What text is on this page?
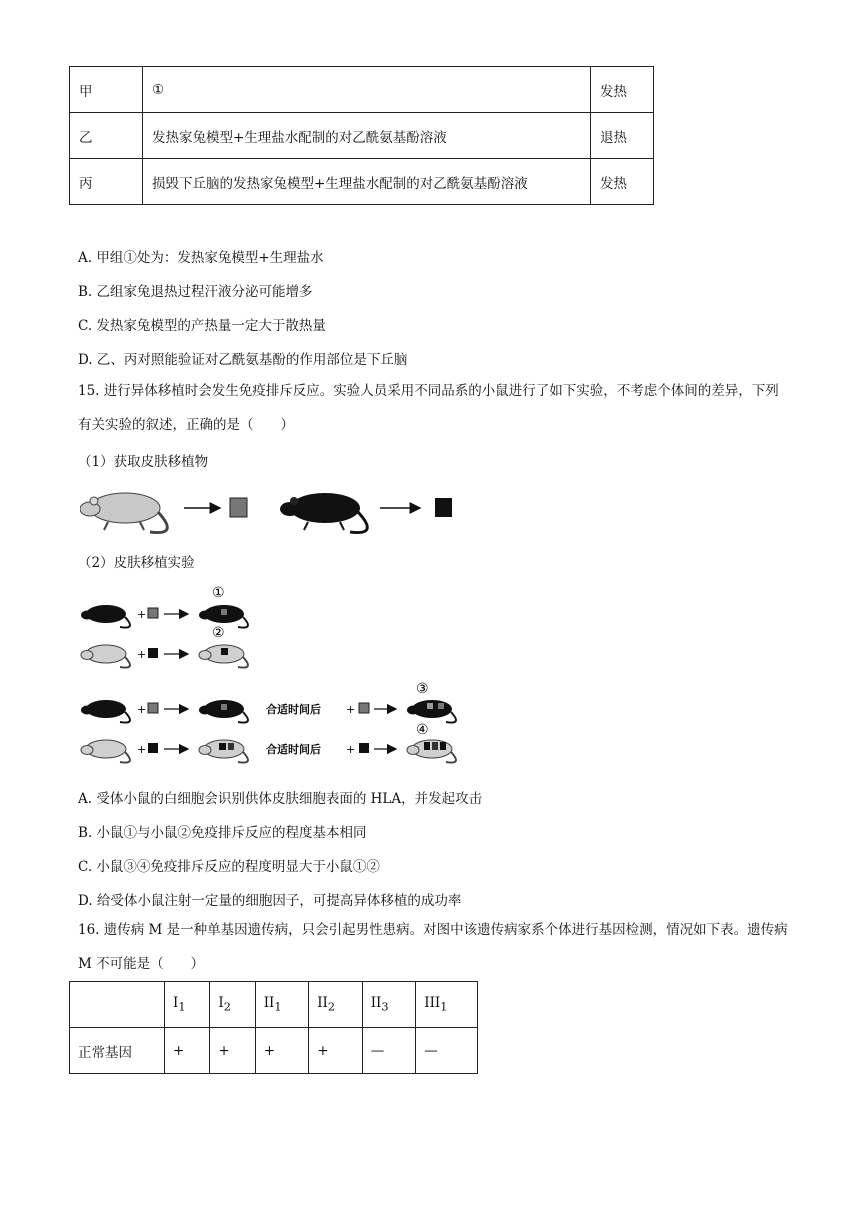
甲	①	发热
乙	发热家兔模型+生理盐水配制的对乙酰氨基酚溶液	退热
丙	损毁下丘脑的发热家兔模型+生理盐水配制的对乙酰氨基酚溶液	发热
A. 甲组①处为：发热家兔模型+生理盐水
B. 乙组家兔退热过程汗液分泌可能增多
C. 发热家兔模型的产热量一定大于散热量
D. 乙、丙对照能验证对乙酰氨基酚的作用部位是下丘脑
15. 进行异体移植时会发生免疫排斥反应。实验人员采用不同品系的小鼠进行了如下实验，不考虑个体间的差异，下列有关实验的叙述，正确的是（　　）
（1）获取皮肤移植物
（2）皮肤移植实验
+
①
+
②
+	合适时间后 +
③
+	合适时间后 +
④
A. 受体小鼠的白细胞会识别供体皮肤细胞表面的 HLA，并发起攻击
B. 小鼠①与小鼠②免疫排斥反应的程度基本相同
C. 小鼠③④免疫排斥反应的程度明显大于小鼠①②
D. 给受体小鼠注射一定量的细胞因子，可提高异体移植的成功率
16. 遗传病 M 是一种单基因遗传病，只会引起男性患病。对图中该遗传病家系个体进行基因检测，情况如下表。遗传病 M 不可能是（　　）
	$I_1$	$I_2$	$II_1$	$II_2$	$II_3$	$III_1$
正常基因	+	+	+	+	—	—
